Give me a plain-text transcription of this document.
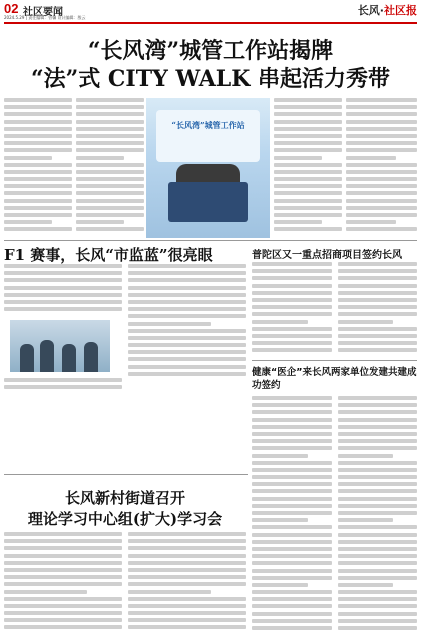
02 社区要闻
2024.5.29 | 责任编辑：管馨 设计编辑：殷云
长风·社区报
“长风湾”城管工作站揭牌
“法”式 CITY WALK 串起活力秀带
“长风湾”城管工作站
F1 赛事，长风“市监蓝”很亮眼	普陀区又一重点招商项目签约长风
健康“医企”来长风两家单位发建共建成功签约
长风新村街道召开
理论学习中心组(扩大)学习会
